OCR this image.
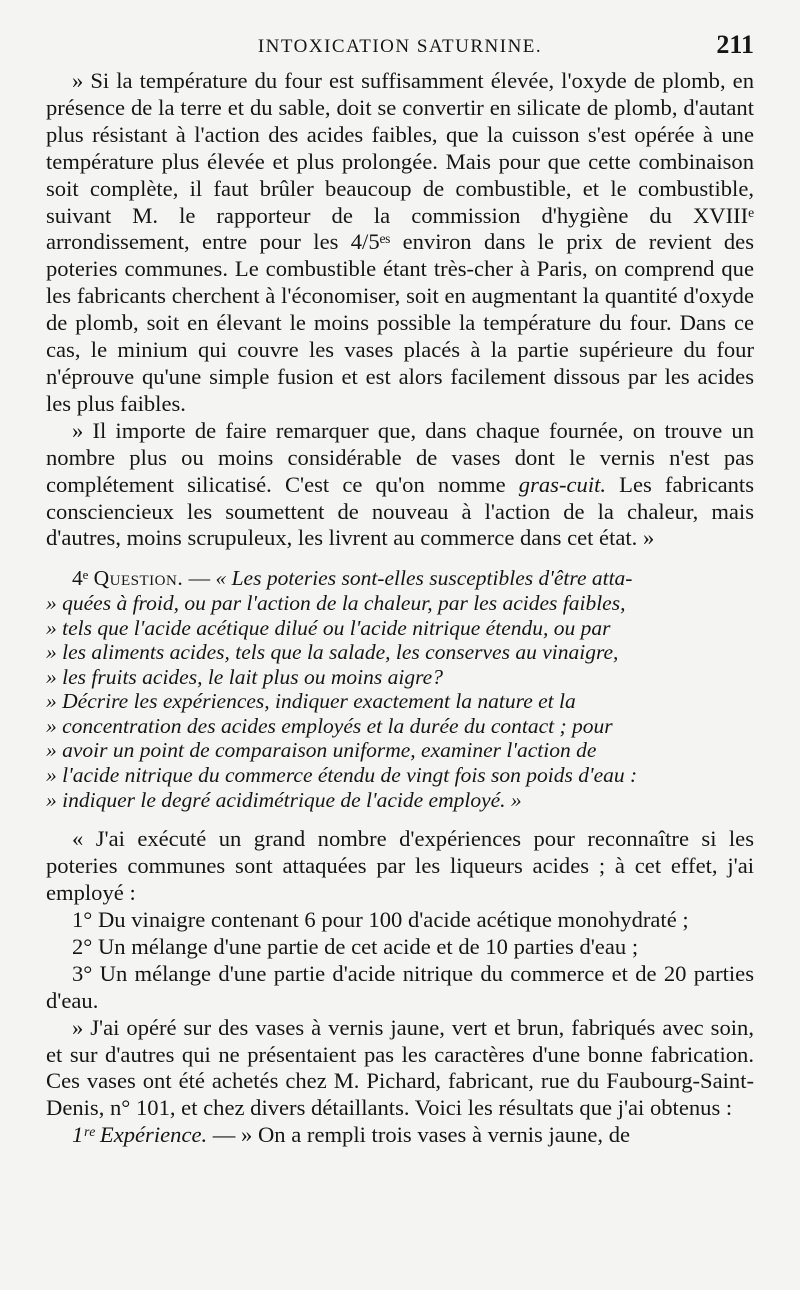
INTOXICATION SATURNINE.	211

» Si la température du four est suffisamment élevée, l'oxyde de plomb, en présence de la terre et du sable, doit se convertir en silicate de plomb, d'autant plus résistant à l'action des acides faibles, que la cuisson s'est opérée à une température plus élevée et plus prolongée. Mais pour que cette combinaison soit complète, il faut brûler beaucoup de combustible, et le combustible, suivant M. le rapporteur de la commission d'hygiène du XVIIIᵉ arrondissement, entre pour les 4/5ᵉˢ environ dans le prix de revient des poteries communes. Le combustible étant très-cher à Paris, on comprend que les fabricants cherchent à l'économiser, soit en augmentant la quantité d'oxyde de plomb, soit en élevant le moins possible la température du four. Dans ce cas, le minium qui couvre les vases placés à la partie supérieure du four n'éprouve qu'une simple fusion et est alors facilement dissous par les acides les plus faibles.

» Il importe de faire remarquer que, dans chaque fournée, on trouve un nombre plus ou moins considérable de vases dont le vernis n'est pas complétement silicatisé. C'est ce qu'on nomme gras-cuit. Les fabricants consciencieux les soumettent de nouveau à l'action de la chaleur, mais d'autres, moins scrupuleux, les livrent au commerce dans cet état. »

4ᵉ Question. — « Les poteries sont-elles susceptibles d'être atta-
» quées à froid, ou par l'action de la chaleur, par les acides faibles,
» tels que l'acide acétique dilué ou l'acide nitrique étendu, ou par
» les aliments acides, tels que la salade, les conserves au vinaigre,
» les fruits acides, le lait plus ou moins aigre?
» Décrire les expériences, indiquer exactement la nature et la
» concentration des acides employés et la durée du contact ; pour
» avoir un point de comparaison uniforme, examiner l'action de
» l'acide nitrique du commerce étendu de vingt fois son poids d'eau :
» indiquer le degré acidimétrique de l'acide employé. »

« J'ai exécuté un grand nombre d'expériences pour reconnaître si les poteries communes sont attaquées par les liqueurs acides ; à cet effet, j'ai employé :

1° Du vinaigre contenant 6 pour 100 d'acide acétique monohydraté ;

2° Un mélange d'une partie de cet acide et de 10 parties d'eau ;

3° Un mélange d'une partie d'acide nitrique du commerce et de 20 parties d'eau.

» J'ai opéré sur des vases à vernis jaune, vert et brun, fabriqués avec soin, et sur d'autres qui ne présentaient pas les caractères d'une bonne fabrication. Ces vases ont été achetés chez M. Pichard, fabricant, rue du Faubourg-Saint-Denis, n° 101, et chez divers détaillants. Voici les résultats que j'ai obtenus :

1ʳᵉ Expérience. — » On a rempli trois vases à vernis jaune, de
